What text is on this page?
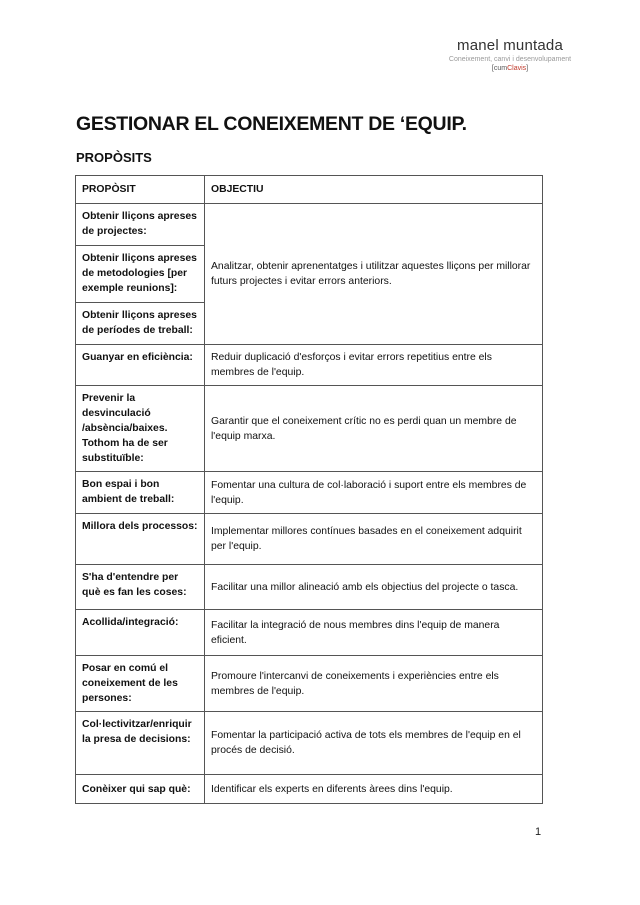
manel muntada
Coneixement, canvi i desenvolupament
[cumClavis]
GESTIONAR EL CONEIXEMENT DE ‘EQUIP.
PROPÒSITS
PROPÒSIT	OBJECTIU
Obtenir lliçons apreses de projectes:	Analitzar, obtenir aprenentatges i utilitzar aquestes lliçons per millorar futurs projectes i evitar errors anteriors.
Obtenir lliçons apreses de metodologies [per exemple reunions]:	
Obtenir lliçons apreses de períodes de treball:	
Guanyar en eficiència:	Reduir duplicació d'esforços i evitar errors repetitius entre els membres de l'equip.
Prevenir la desvinculació /absència/baixes. Tothom ha de ser substituïble:	Garantir que el coneixement crític no es perdi quan un membre de l'equip marxa.
Bon espai i bon ambient de treball:	Fomentar una cultura de col·laboració i suport entre els membres de l'equip.
Millora dels processos:	Implementar millores contínues basades en el coneixement adquirit per l'equip.
S'ha d'entendre per què es fan les coses:	Facilitar una millor alineació amb els objectius del projecte o tasca.
Acollida/integració:	Facilitar la integració de nous membres dins l'equip de manera eficient.
Posar en comú el coneixement de les persones:	Promoure l'intercanvi de coneixements i experiències entre els membres de l'equip.
Col·lectivitzar/enriquir la presa de decisions:	Fomentar la participació activa de tots els membres de l'equip en el procés de decisió.
Conèixer qui sap què:	Identificar els experts en diferents àrees dins l'equip.
1
